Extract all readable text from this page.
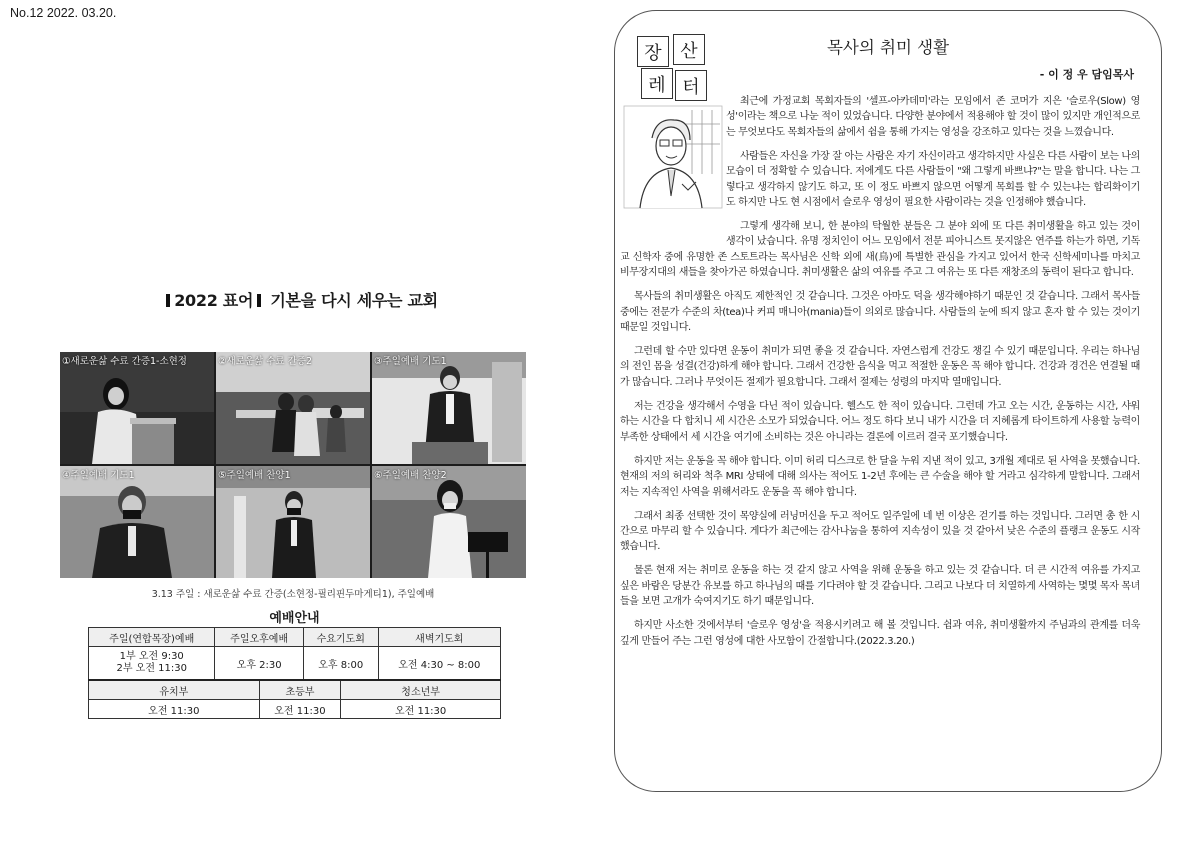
No.12 2022. 03.20.
2022 표어 기본을 다시 세우는 교회
①새로운삶 수료 간증1-소현정	②새로운삶 수료 간증2	③주일예배 기도1
④주일예배 기도1	⑤주일예배 찬양1	⑥주일예배 찬양2
3.13 주일 : 새로운삶 수료 간증(소현정-필리핀두마게티1), 주일예배
예배안내					
주일(연합목장)예배	주일오후예배		수요기도회		새벽기도회
1부 오전 9:30
2부 오전 11:30	오후 2:30		오후 8:00		오전 4:30 ~ 8:00
유치부		초등부		청소년부	
오전 11:30		오전 11:30		오전 11:30	
장	산
레 터
목사의 취미 생활
- 이 정 우 담임목사

최근에 가정교회 목회자들의 '셀프-아카데미'라는 모임에서 존 코머가 지은 '슬로우(Slow) 영성'이라는 책으로 나눈 적이 있었습니다. 다양한 분야에서 적용해야 할 것이 많이 있지만 개인적으로는 무엇보다도 목회자들의 삶에서 쉼을 통해 가지는 영성을 강조하고 있다는 것을 느꼈습니다.

사람들은 자신을 가장 잘 아는 사람은 자기 자신이라고 생각하지만 사실은 다른 사람이 보는 나의 모습이 더 정확할 수 있습니다. 저에게도 다른 사람들이 "왜 그렇게 바쁘냐?"는 말을 합니다. 나는 그렇다고 생각하지 않기도 하고, 또 이 정도 바쁘지 않으면 어떻게 목회를 할 수 있는냐는 합리화이기도 하지만 나도 현 시점에서 슬로우 영성이 필요한 사람이라는 것을 인정해야 했습니다.

그렇게 생각해 보니, 한 분야의 탁월한 분들은 그 분야 외에 또 다른 취미생활을 하고 있는 것이 생각이 났습니다. 유명 정치인이 어느 모임에서 전문 피아니스트 못지않은 연주를 하는가 하면, 기독교 신학자 중에 유명한 존 스토트라는 목사님은 신학 외에 새(鳥)에 특별한 관심을 가지고 있어서 한국 신학세미나를 마치고 비무장지대의 새들을 찾아가곤 하였습니다. 취미생활은 삶의 여유를 주고 그 여유는 또 다른 재창조의 동력이 된다고 합니다.

목사들의 취미생활은 아직도 제한적인 것 같습니다. 그것은 아마도 덕을 생각해야하기 때문인 것 같습니다. 그래서 목사들 중에는 전문가 수준의 차(tea)나 커피 매니아(mania)들이 의외로 많습니다. 사람들의 눈에 띄지 않고 혼자 할 수 있는 것이기 때문일 것입니다.

그런데 할 수만 있다면 운동이 취미가 되면 좋을 것 같습니다. 자연스럽게 건강도 챙길 수 있기 때문입니다. 우리는 하나님의 전인 몸을 성결(건강)하게 해야 합니다. 그래서 건강한 음식을 먹고 적절한 운동은 꼭 해야 합니다. 건강과 경건은 연결될 때가 많습니다. 그러나 무엇이든 절제가 필요합니다. 그래서 절제는 성령의 마지막 열매입니다.

저는 건강을 생각해서 수영을 다닌 적이 있습니다. 헬스도 한 적이 있습니다. 그런데 가고 오는 시간, 운동하는 시간, 샤워하는 시간을 다 합치니 세 시간은 소모가 되었습니다. 어느 정도 하다 보니 내가 시간을 더 지혜롭게 타이트하게 사용할 능력이 부족한 상태에서 세 시간을 여기에 소비하는 것은 아니라는 결론에 이르러 결국 포기했습니다.

하지만 저는 운동을 꼭 해야 합니다. 이미 허리 디스크로 한 달을 누워 지낸 적이 있고, 3개월 제대로 된 사역을 못했습니다. 현재의 저의 허리와 척추 MRI 상태에 대해 의사는 적어도 1-2년 후에는 큰 수술을 해야 할 거라고 심각하게 말합니다. 그래서 저는 지속적인 사역을 위해서라도 운동을 꼭 해야 합니다.

그래서 최종 선택한 것이 목양실에 러닝머신을 두고 적어도 일주일에 네 번 이상은 걷기를 하는 것입니다. 그러면 총 한 시간으로 마무리 할 수 있습니다. 게다가 최근에는 감사나눔을 통하여 지속성이 있을 것 같아서 낮은 수준의 플랭크 운동도 시작했습니다.

물론 현재 저는 취미로 운동을 하는 것 같지 않고 사역을 위해 운동을 하고 있는 것 같습니다. 더 큰 시간적 여유를 가지고 싶은 바람은 당분간 유보를 하고 하나님의 때를 기다려야 할 것 같습니다. 그리고 나보다 더 치열하게 사역하는 몇몇 목자 목녀들을 보면 고개가 숙여지기도 하기 때문입니다.

하지만 사소한 것에서부터 '슬로우 영성'을 적용시키려고 해 볼 것입니다. 쉼과 여유, 취미생활까지 주님과의 관계를 더욱 깊게 만들어 주는 그런 영성에 대한 사모함이 간절합니다.(2022.3.20.)
